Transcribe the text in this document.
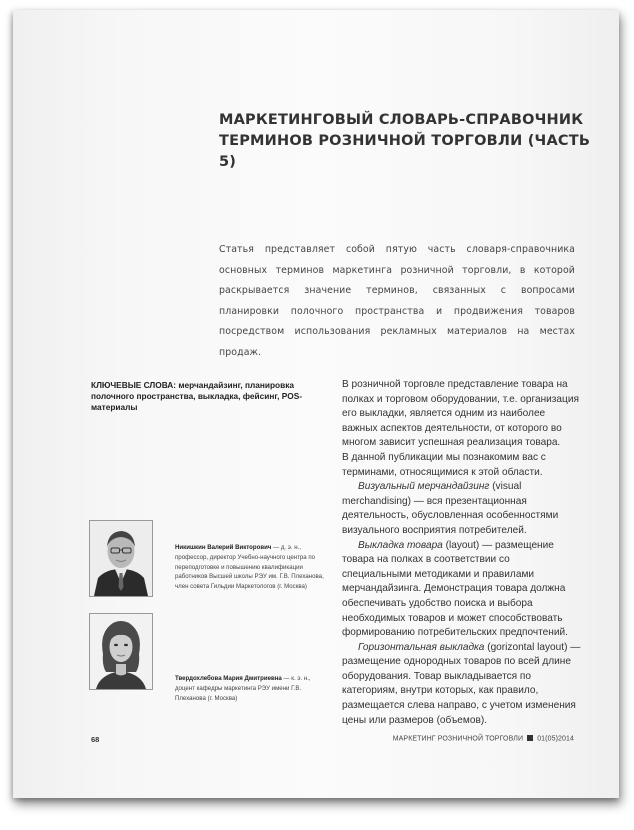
МАРКЕТИНГОВЫЙ СЛОВАРЬ-СПРАВОЧНИК
ТЕРМИНОВ РОЗНИЧНОЙ ТОРГОВЛИ (ЧАСТЬ 5)

Статья представляет собой пятую часть словаря-справочника основных терминов маркетинга розничной торговли, в которой раскрывается значение терминов, связанных с вопросами планировки полочного пространства и продвижения товаров посредством использования рекламных материалов на местах продаж.

КЛЮЧЕВЫЕ СЛОВА: мерчандайзинг, планировка полочного пространства, выкладка, фейсинг, POS-материалы

Никишкин Валерий Викторович — д. э. н., профессор, директор Учебно-научного центра по переподготовке и повышению квалификации работников Высшей школы РЭУ им. Г.В. Плеханова, член совета Гильдии Маркетологов (г. Москва)

Твердохлебова Мария Дмитриевна — к. э. н., доцент кафедры маркетинга РЭУ имени Г.В. Плеханова (г. Москва)

В розничной торговле представление товара на полках и торговом оборудовании, т.е. организация его выкладки, является одним из наиболее важных аспектов деятельности, от которого во многом зависит успешная реализация товара.

В данной публикации мы познакомим вас с терминами, относящимися к этой области.

Визуальный мерчандайзинг (visual merchandising) — вся презентационная деятельность, обусловленная особенностями визуального восприятия потребителей.

Выкладка товара (layout) — размещение товара на полках в соответствии со специальными методиками и правилами мерчандайзинга. Демонстрация товара должна обеспечивать удобство поиска и выбора необходимых товаров и может способствовать формированию потребительских предпочтений.

Горизонтальная выкладка (gorizontal layout) — размещение однородных товаров по всей длине оборудования. Товар выкладывается по категориям, внутри которых, как правило, размещается слева направо, с учетом изменения цены или размеров (объемов).

68	МАРКЕТИНГ РОЗНИЧНОЙ ТОРГОВЛИ 01(05)2014
